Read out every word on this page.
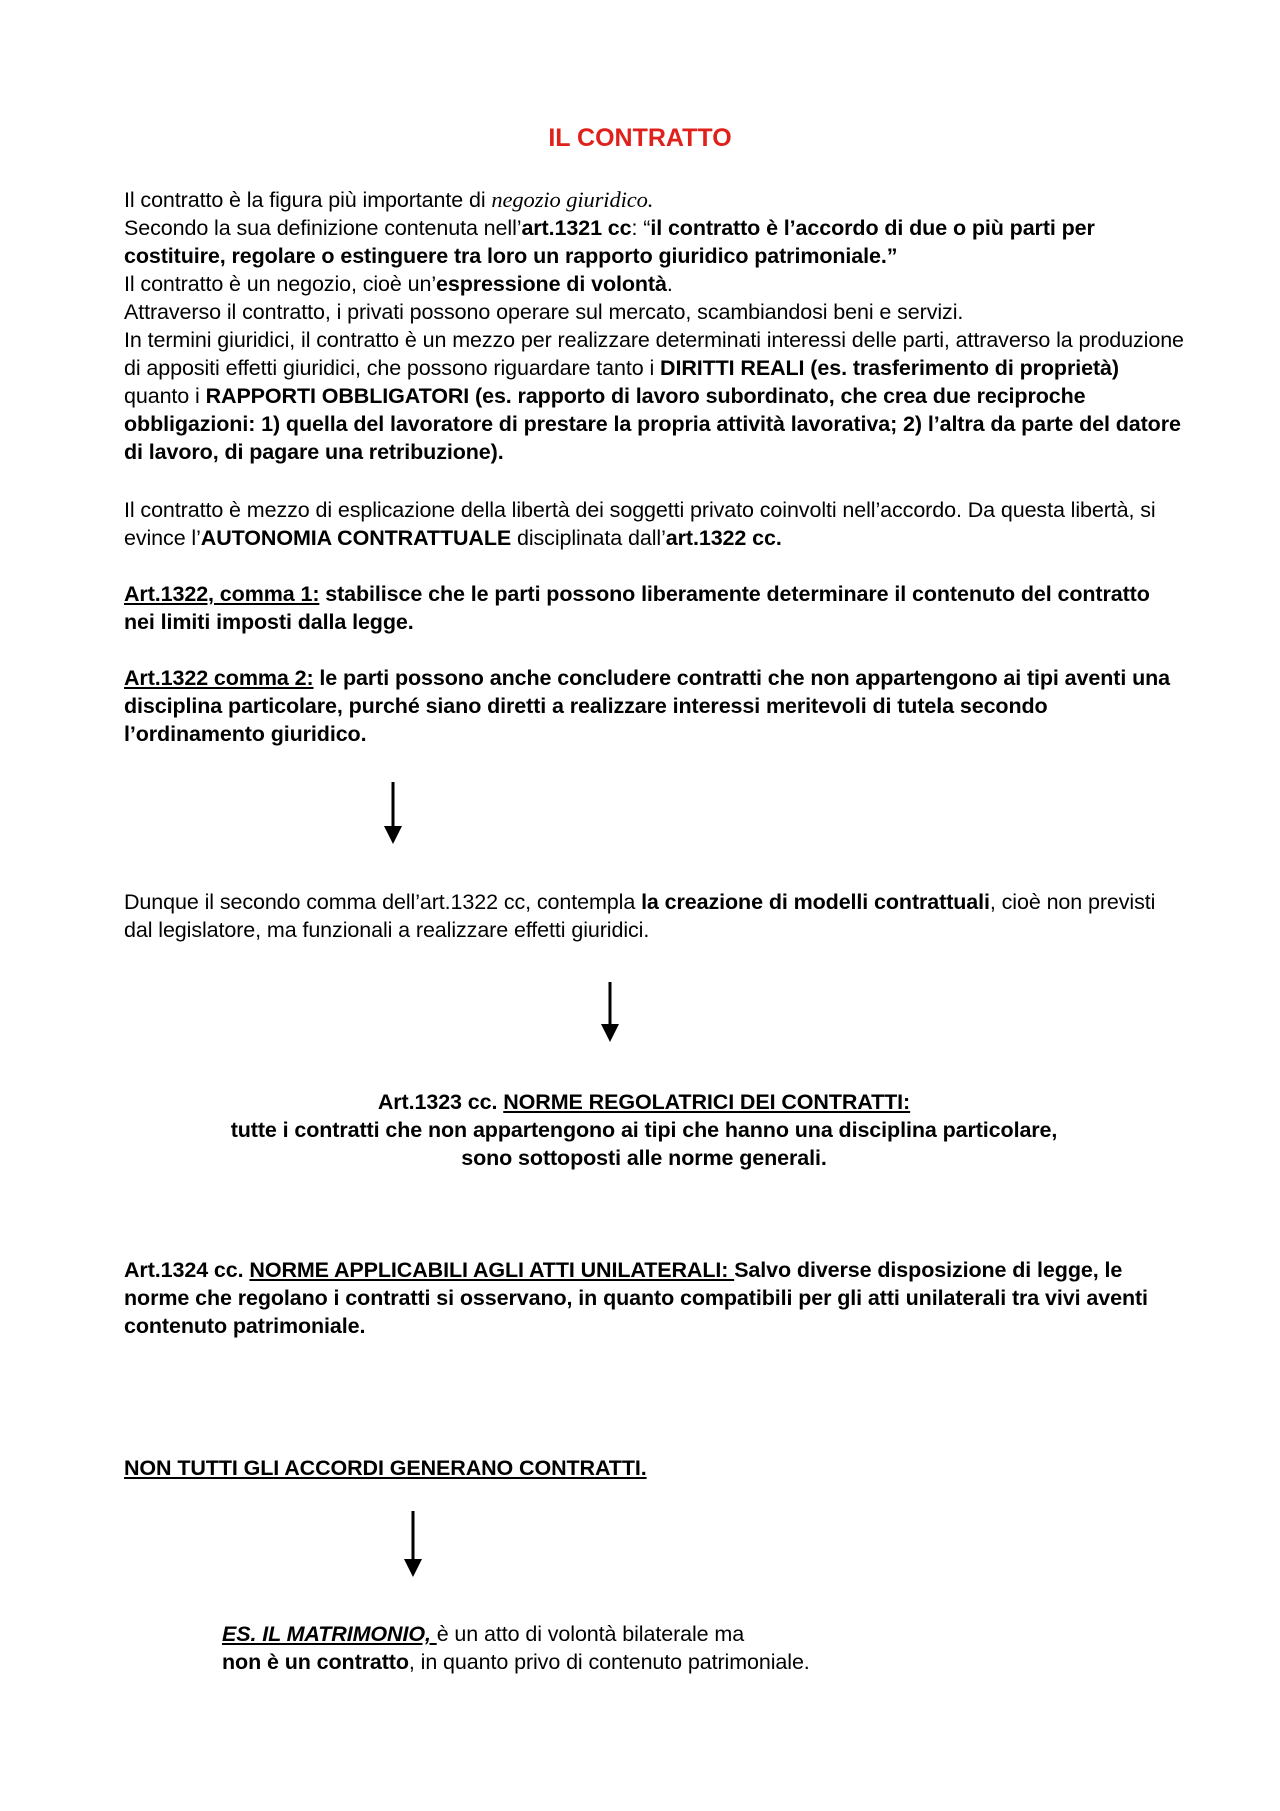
IL CONTRATTO

Il contratto è la figura più importante di negozio giuridico.
Secondo la sua definizione contenuta nell’art.1321 cc: “il contratto è l’accordo di due o più parti per costituire, regolare o estinguere tra loro un rapporto giuridico patrimoniale.”
Il contratto è un negozio, cioè un’espressione di volontà.
Attraverso il contratto, i privati possono operare sul mercato, scambiandosi beni e servizi.
In termini giuridici, il contratto è un mezzo per realizzare determinati interessi delle parti, attraverso la produzione di appositi effetti giuridici, che possono riguardare tanto i DIRITTI REALI (es. trasferimento di proprietà) quanto i RAPPORTI OBBLIGATORI (es. rapporto di lavoro subordinato, che crea due reciproche obbligazioni: 1) quella del lavoratore di prestare la propria attività lavorativa; 2) l’altra da parte del datore di lavoro, di pagare una retribuzione).

Il contratto è mezzo di esplicazione della libertà dei soggetti privato coinvolti nell’accordo. Da questa libertà, si evince l’AUTONOMIA CONTRATTUALE disciplinata dall’art.1322 cc.

Art.1322, comma 1: stabilisce che le parti possono liberamente determinare il contenuto del contratto nei limiti imposti dalla legge.

Art.1322 comma 2: le parti possono anche concludere contratti che non appartengono ai tipi aventi una disciplina particolare, purché siano diretti a realizzare interessi meritevoli di tutela secondo l’ordinamento giuridico.

Dunque il secondo comma dell’art.1322 cc, contempla la creazione di modelli contrattuali, cioè non previsti dal legislatore, ma funzionali a realizzare effetti giuridici.

Art.1323 cc. NORME REGOLATRICI DEI CONTRATTI:
tutte i contratti che non appartengono ai tipi che hanno una disciplina particolare,
sono sottoposti alle norme generali.

Art.1324 cc. NORME APPLICABILI AGLI ATTI UNILATERALI: Salvo diverse disposizione di legge, le norme che regolano i contratti si osservano, in quanto compatibili per gli atti unilaterali tra vivi aventi contenuto patrimoniale.

NON TUTTI GLI ACCORDI GENERANO CONTRATTI.

ES. IL MATRIMONIO, è un atto di volontà bilaterale ma
non è un contratto, in quanto privo di contenuto patrimoniale.
